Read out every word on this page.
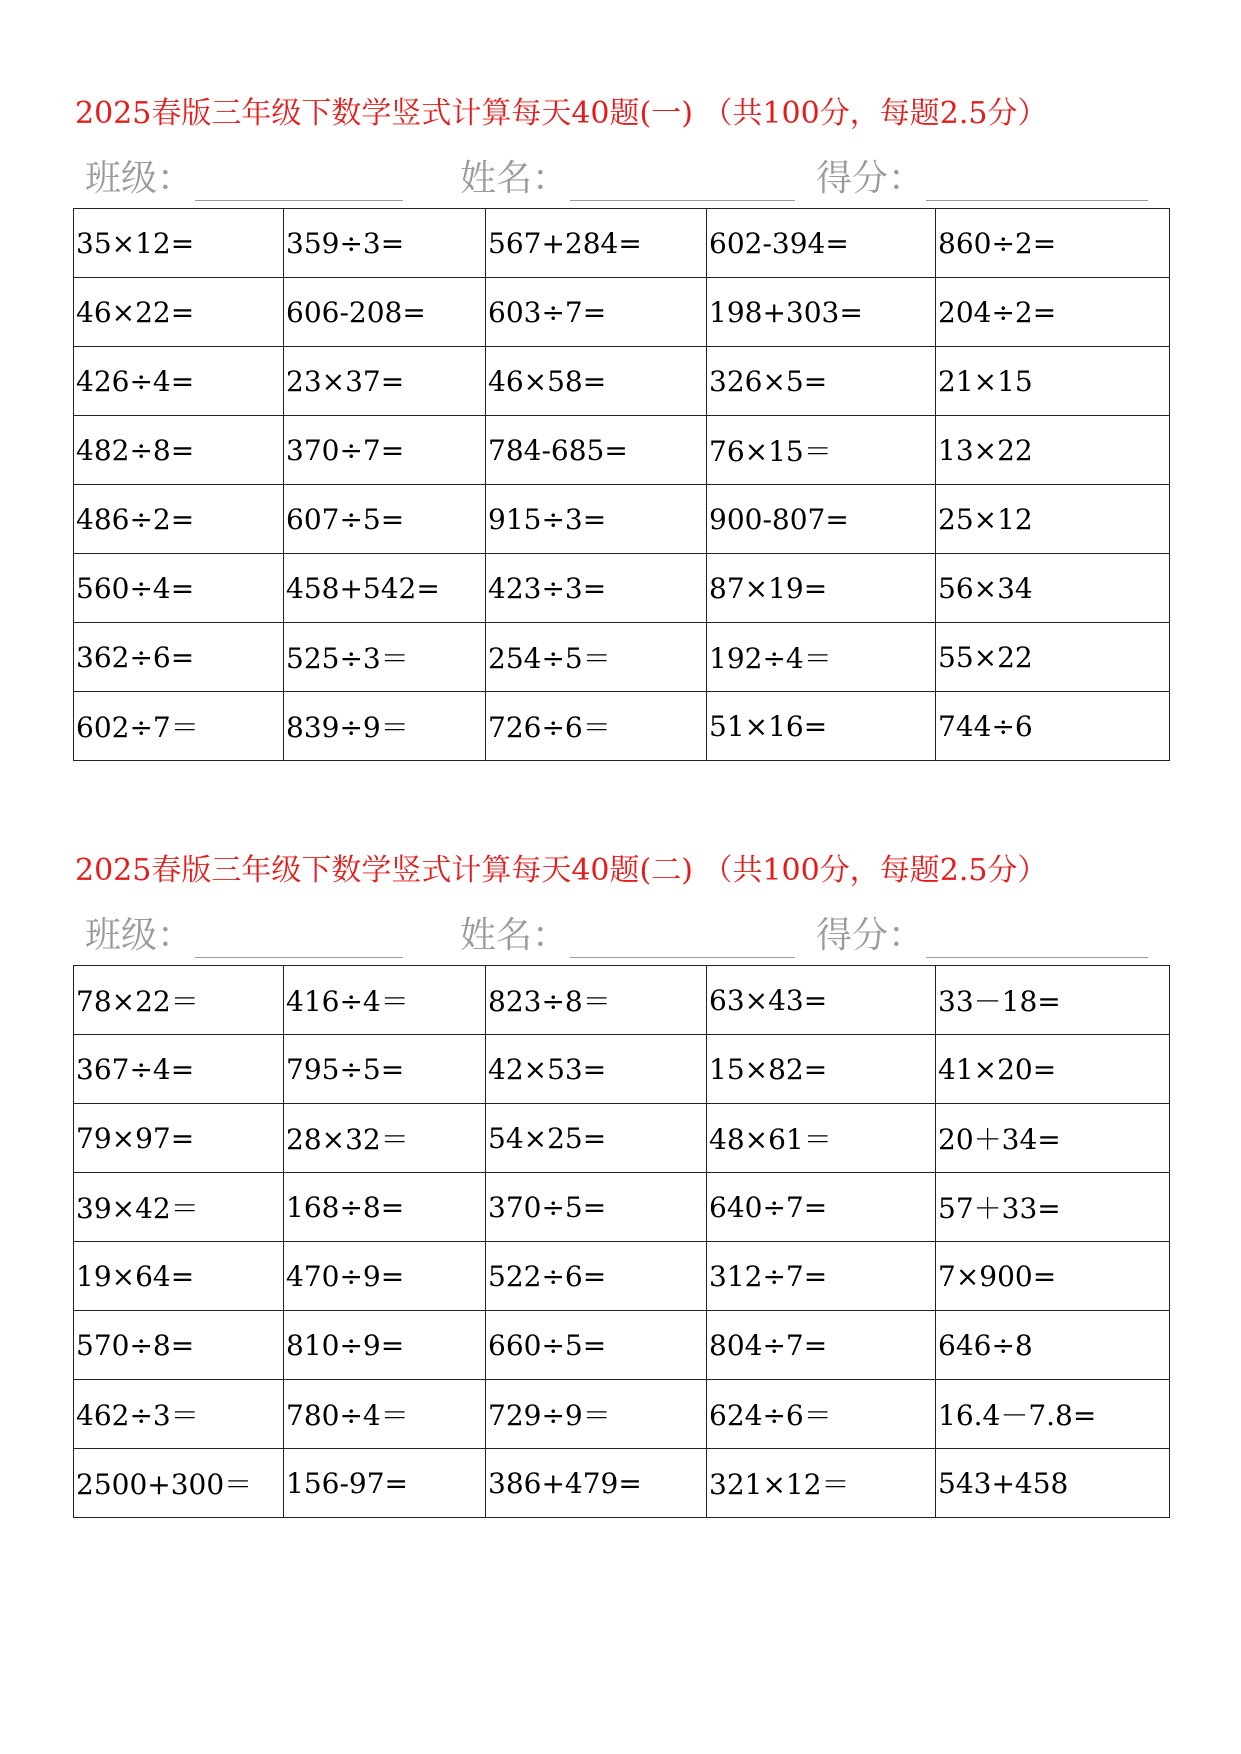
2025春版三年级下数学竖式计算每天40题(一) （共100分，每题2.5分）
班级：	姓名：	得分：
35×12=	359÷3=	567+284=	602-394=	860÷2=
46×22=	606-208=	603÷7=	198+303=	204÷2=
426÷4=	23×37=	46×58=	326×5=	21×15
482÷8=	370÷7=	784-685=	76×15＝	13×22
486÷2=	607÷5=	915÷3=	900-807=	25×12
560÷4=	458+542=	423÷3=	87×19=	56×34
362÷6=	525÷3＝	254÷5＝	192÷4＝	55×22
602÷7＝	839÷9＝	726÷6＝	51×16=	744÷6
2025春版三年级下数学竖式计算每天40题(二) （共100分，每题2.5分）
班级：	姓名：	得分：
78×22＝	416÷4＝	823÷8＝	63×43=	33－18=
367÷4=	795÷5=	42×53=	15×82=	41×20=
79×97=	28×32＝	54×25=	48×61＝	20＋34=
39×42＝	168÷8=	370÷5=	640÷7=	57＋33=
19×64=	470÷9=	522÷6=	312÷7=	7×900=
570÷8=	810÷9=	660÷5=	804÷7=	646÷8
462÷3＝	780÷4＝	729÷9＝	624÷6＝	16.4－7.8=
2500+300＝	156-97=	386+479=	321×12＝	543+458
